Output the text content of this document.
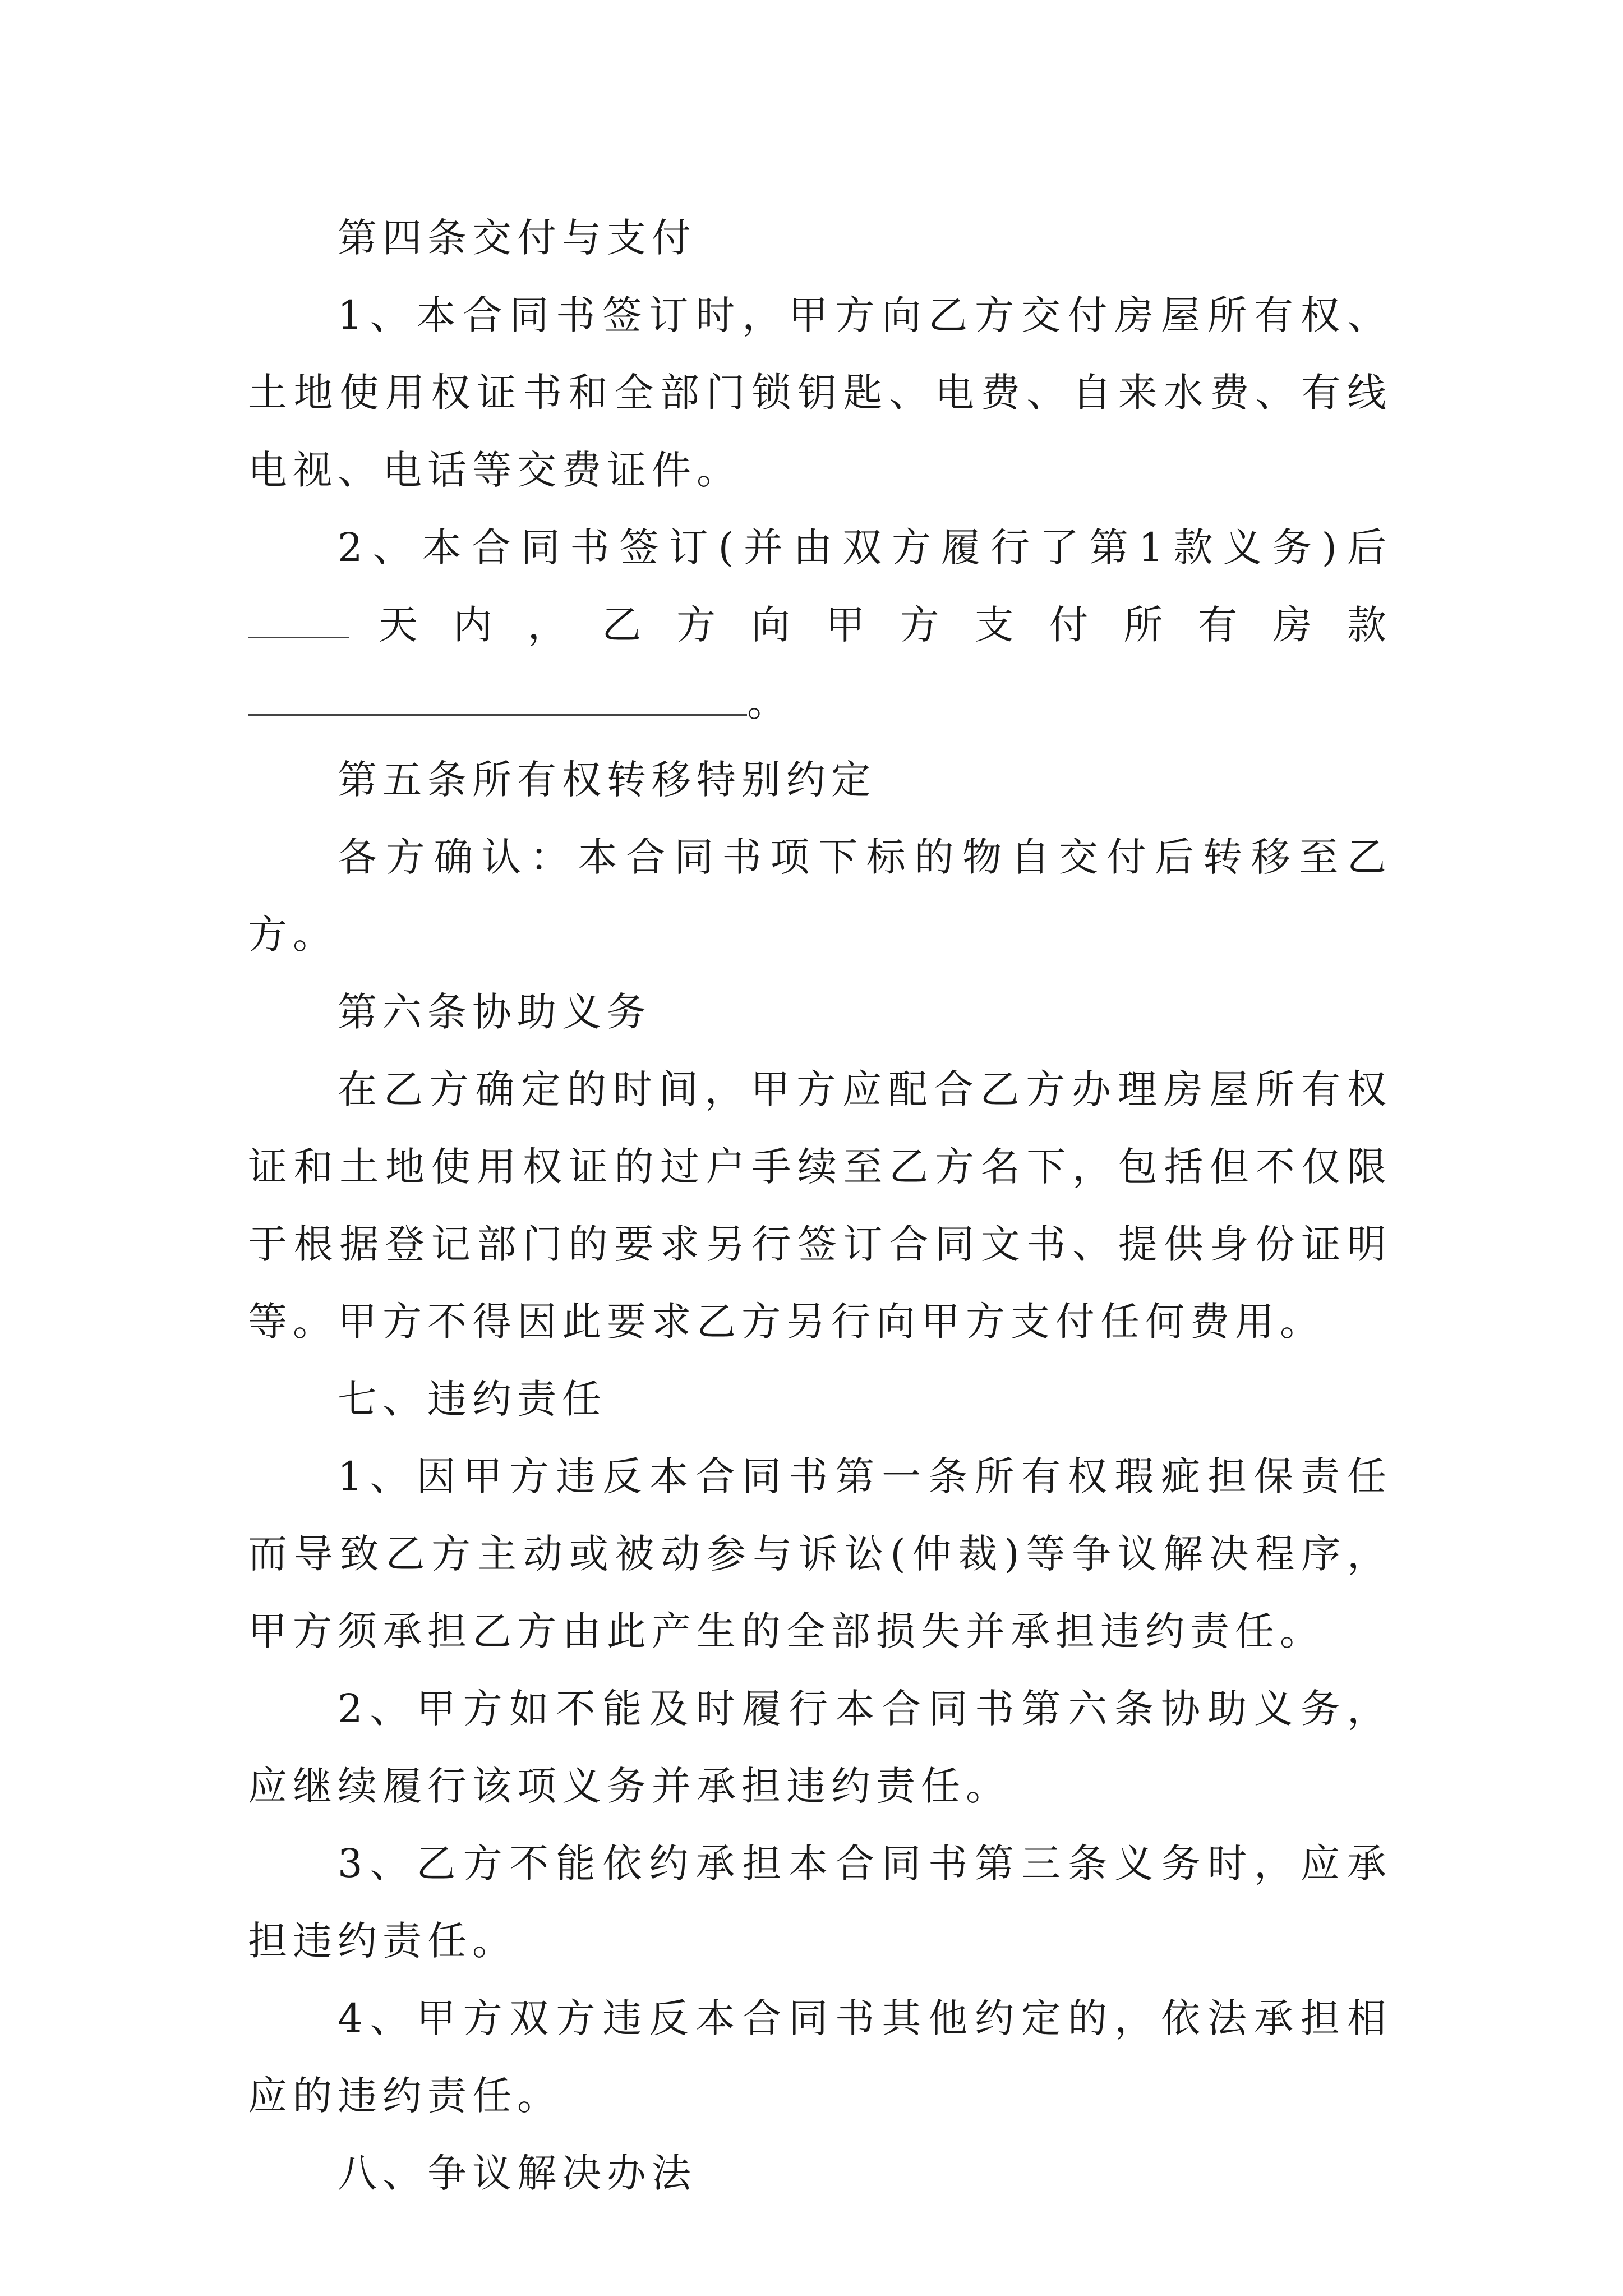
第四条交付与支付

1、本合同书签订时，甲方向乙方交付房屋所有权、土地使用权证书和全部门锁钥匙、电费、自来水费、有线电视、电话等交费证件。

2、本合同书签订(并由双方履行了第1款义务)后天内，乙方向甲方支付所有房款。

第五条所有权转移特别约定

各方确认：本合同书项下标的物自交付后转移至乙方。

第六条协助义务

在乙方确定的时间，甲方应配合乙方办理房屋所有权证和土地使用权证的过户手续至乙方名下，包括但不仅限于根据登记部门的要求另行签订合同文书、提供身份证明等。甲方不得因此要求乙方另行向甲方支付任何费用。

七、违约责任

1、因甲方违反本合同书第一条所有权瑕疵担保责任而导致乙方主动或被动参与诉讼(仲裁)等争议解决程序，甲方须承担乙方由此产生的全部损失并承担违约责任。

2、甲方如不能及时履行本合同书第六条协助义务，应继续履行该项义务并承担违约责任。

3、乙方不能依约承担本合同书第三条义务时，应承担违约责任。

4、甲方双方违反本合同书其他约定的，依法承担相应的违约责任。

八、争议解决办法
